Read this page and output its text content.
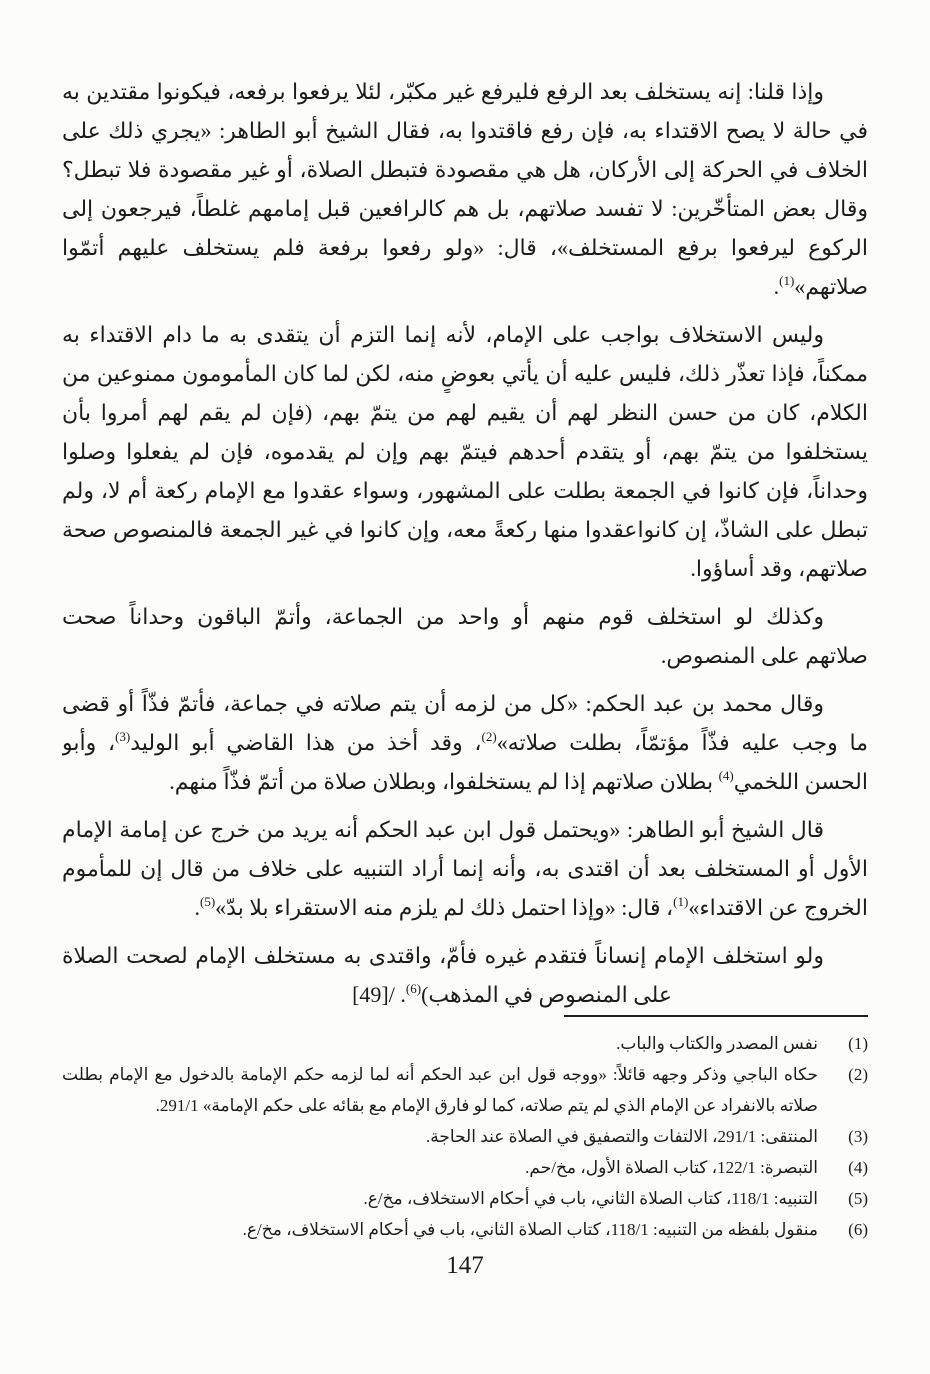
وإذا قلنا: إنه يستخلف بعد الرفع فليرفع غير مكبّر، لئلا يرفعوا برفعه، فيكونوا مقتدين به
في حالة لا يصح الاقتداء به، فإن رفع فاقتدوا به، فقال الشيخ أبو الطاهر: «يجري ذلك على
الخلاف في الحركة إلى الأركان، هل هي مقصودة فتبطل الصلاة، أو غير مقصودة فلا تبطل؟
وقال بعض المتأخّرين: لا تفسد صلاتهم، بل هم كالرافعين قبل إمامهم غلطاً، فيرجعون إلى
الركوع ليرفعوا برفع المستخلف»، قال: «ولو رفعوا برفعة فلم يستخلف عليهم أتمّوا
صلاتهم»$^{(1)}$.
وليس الاستخلاف بواجب على الإمام، لأنه إنما التزم أن يتقدى به ما دام الاقتداء به
ممكناً، فإذا تعذّر ذلك، فليس عليه أن يأتي بعوضٍ منه، لكن لما كان المأمومون ممنوعين من
الكلام، كان من حسن النظر لهم أن يقيم لهم من يتمّ بهم، (فإن لم يقم لهم أمروا بأن
يستخلفوا من يتمّ بهم، أو يتقدم أحدهم فيتمّ بهم وإن لم يقدموه، فإن لم يفعلوا وصلوا
وحداناً، فإن كانوا في الجمعة بطلت على المشهور، وسواء عقدوا مع الإمام ركعة أم لا، ولم
تبطل على الشاذّ، إن كانواعقدوا منها ركعةً معه، وإن كانوا في غير الجمعة فالمنصوص صحة
صلاتهم، وقد أساؤوا.
وكذلك لو استخلف قوم منهم أو واحد من الجماعة، وأتمّ الباقون وحداناً صحت
صلاتهم على المنصوص.
وقال محمد بن عبد الحكم: «كل من لزمه أن يتم صلاته في جماعة، فأتمّ فذّاً أو قضى
ما وجب عليه فذّاً مؤتمّاً، بطلت صلاته»$^{(2)}$، وقد أخذ من هذا القاضي أبو الوليد$^{(3)}$، وأبو
الحسن اللخمي$^{(4)}$ بطلان صلاتهم إذا لم يستخلفوا، وبطلان صلاة من أتمّ فذّاً منهم.
قال الشيخ أبو الطاهر: «ويحتمل قول ابن عبد الحكم أنه يريد من خرج عن إمامة الإمام
الأول أو المستخلف بعد أن اقتدى به، وأنه إنما أراد التنبيه على خلاف من قال إن للمأموم
الخروج عن الاقتداء»$^{(1)}$، قال: «وإذا احتمل ذلك لم يلزم منه الاستقراء بلا بدّ»$^{(5)}$.
ولو استخلف الإمام إنساناً فتقدم غيره فأمّ، واقتدى به مستخلف الإمام لصحت الصلاة
على المنصوص في المذهب)$^{(6)}$. /[49]
(1)
نفس المصدر والكتاب والباب.
(2)
حكاه الباجي وذكر وجهه قائلاً: «ووجه قول ابن عبد الحكم أنه لما لزمه حكم الإمامة بالدخول مع الإمام بطلت
صلاته بالانفراد عن الإمام الذي لم يتم صلاته، كما لو فارق الإمام مع بقائه على حكم الإمامة» 291/1.
(3)
المنتقى: 291/1، الالتفات والتصفيق في الصلاة عند الحاجة.
(4)
التبصرة: 122/1، كتاب الصلاة الأول، مخ/حم.
(5)
التنبيه: 118/1، كتاب الصلاة الثاني، باب في أحكام الاستخلاف، مخ/ع.
(6)
منقول بلفظه من التنبيه: 118/1، كتاب الصلاة الثاني، باب في أحكام الاستخلاف، مخ/ع.
147
